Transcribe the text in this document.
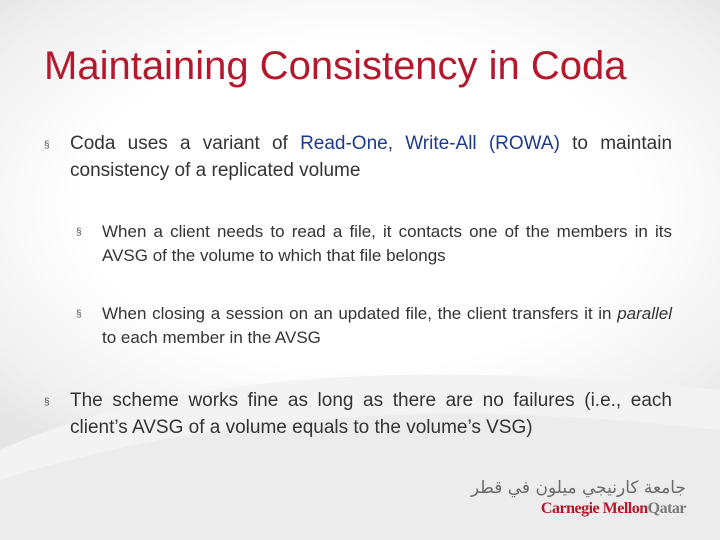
Maintaining Consistency in Coda
§	Coda uses a variant of Read-One, Write-All (ROWA) to maintain consistency of a replicated volume
§	When a client needs to read a file, it contacts one of the members in its AVSG of the volume to which that file belongs
§	When closing a session on an updated file, the client transfers it in parallel to each member in the AVSG
§	The scheme works fine as long as there are no failures (i.e., each client’s AVSG of a volume equals to the volume’s VSG)
جامعة كارنيجي ميلون في قطر
Carnegie MellonQatar
